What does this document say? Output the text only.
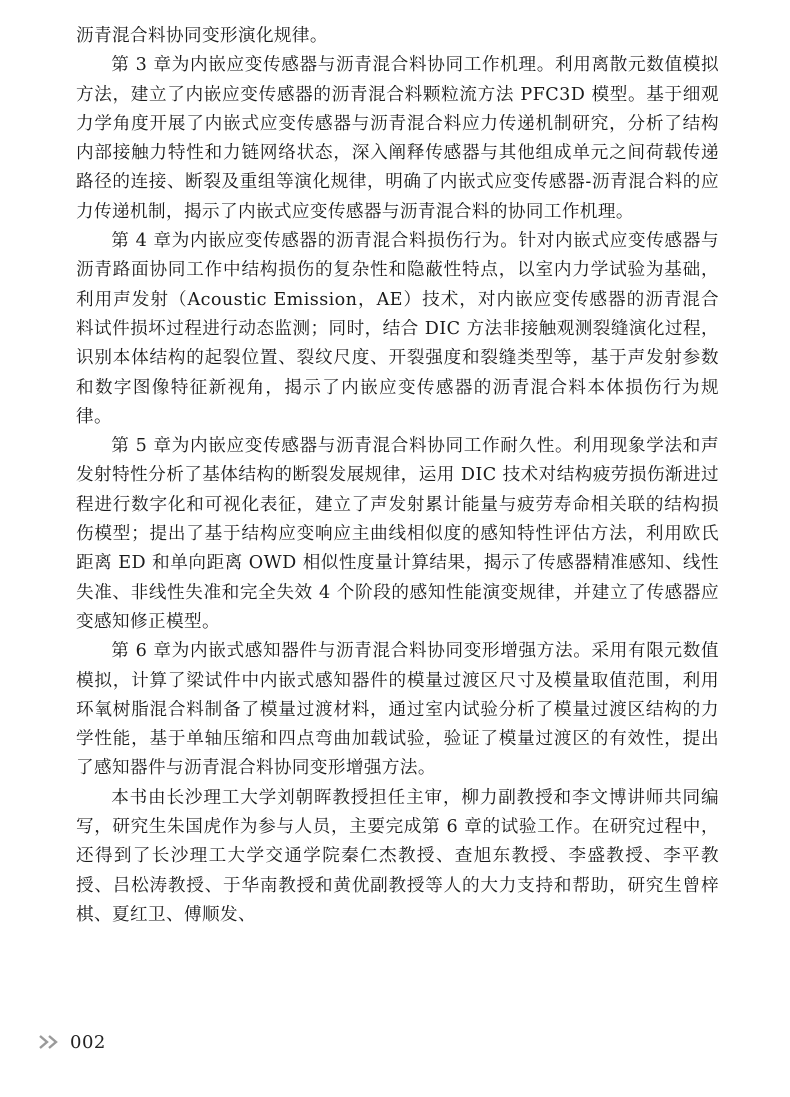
沥青混合料协同变形演化规律。

第 3 章为内嵌应变传感器与沥青混合料协同工作机理。利用离散元数值模拟方法，建立了内嵌应变传感器的沥青混合料颗粒流方法 PFC3D 模型。基于细观力学角度开展了内嵌式应变传感器与沥青混合料应力传递机制研究，分析了结构内部接触力特性和力链网络状态，深入阐释传感器与其他组成单元之间荷载传递路径的连接、断裂及重组等演化规律，明确了内嵌式应变传感器-沥青混合料的应力传递机制，揭示了内嵌式应变传感器与沥青混合料的协同工作机理。

第 4 章为内嵌应变传感器的沥青混合料损伤行为。针对内嵌式应变传感器与沥青路面协同工作中结构损伤的复杂性和隐蔽性特点，以室内力学试验为基础，利用声发射（Acoustic Emission，AE）技术，对内嵌应变传感器的沥青混合料试件损坏过程进行动态监测；同时，结合 DIC 方法非接触观测裂缝演化过程，识别本体结构的起裂位置、裂纹尺度、开裂强度和裂缝类型等，基于声发射参数和数字图像特征新视角，揭示了内嵌应变传感器的沥青混合料本体损伤行为规律。

第 5 章为内嵌应变传感器与沥青混合料协同工作耐久性。利用现象学法和声发射特性分析了基体结构的断裂发展规律，运用 DIC 技术对结构疲劳损伤渐进过程进行数字化和可视化表征，建立了声发射累计能量与疲劳寿命相关联的结构损伤模型；提出了基于结构应变响应主曲线相似度的感知特性评估方法，利用欧氏距离 ED 和单向距离 OWD 相似性度量计算结果，揭示了传感器精准感知、线性失准、非线性失准和完全失效 4 个阶段的感知性能演变规律，并建立了传感器应变感知修正模型。

第 6 章为内嵌式感知器件与沥青混合料协同变形增强方法。采用有限元数值模拟，计算了梁试件中内嵌式感知器件的模量过渡区尺寸及模量取值范围，利用环氧树脂混合料制备了模量过渡材料，通过室内试验分析了模量过渡区结构的力学性能，基于单轴压缩和四点弯曲加载试验，验证了模量过渡区的有效性，提出了感知器件与沥青混合料协同变形增强方法。

本书由长沙理工大学刘朝晖教授担任主审，柳力副教授和李文博讲师共同编写，研究生朱国虎作为参与人员，主要完成第 6 章的试验工作。在研究过程中，还得到了长沙理工大学交通学院秦仁杰教授、查旭东教授、李盛教授、李平教授、吕松涛教授、于华南教授和黄优副教授等人的大力支持和帮助，研究生曾梓棋、夏红卫、傅顺发、

002
